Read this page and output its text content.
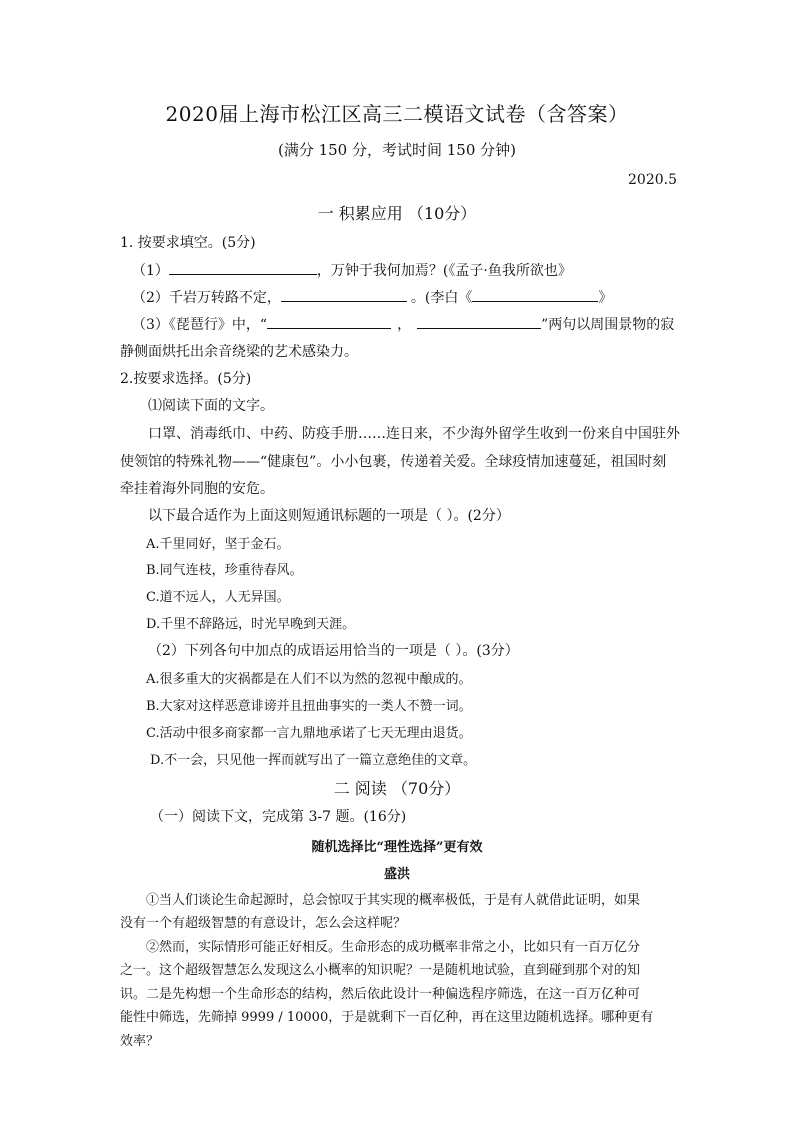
2020届上海市松江区高三二模语文试卷（含答案）
(满分 150 分，考试时间 150 分钟)
2020.5
一 积累应用 （10分）
1. 按要求填空。(5分)
（1）	，万钟于我何加焉？(《孟子·鱼我所欲也》
（2）千岩万转路不定，	。(李白《	》
（3）《琵琶行》中，“	，	”两句以周围景物的寂
静侧面烘托出余音绕梁的艺术感染力。
2.按要求选择。(5分)
⑴阅读下面的文字。
口罩、消毒纸巾、中药、防疫手册……连日来，不少海外留学生收到一份来自中国驻外
使领馆的特殊礼物——“健康包”。小小包裹，传递着关爱。全球疫情加速蔓延，祖国时刻
牵挂着海外同胞的安危。
以下最合适作为上面这则短通讯标题的一项是（ ）。(2分）
A.千里同好，坚于金石。
B.同气连枝，珍重待春风。
C.道不远人，人无异国。
D.千里不辞路远，时光早晚到天涯。
（2）下列各句中加点的成语运用恰当的一项是（ ）。(3分）
A.很多重大的灾祸都是在人们不以为然的忽视中酿成的。
B.大家对这样恶意诽谤并且扭曲事实的一类人不赞一词。
C.活动中很多商家都一言九鼎地承诺了七天无理由退货。
D.不一会，只见他一挥而就写出了一篇立意绝佳的文章。
二 阅读 （70分）
（一）阅读下文，完成第 3-7 题。(16分)
随机选择比“理性选择”更有效
盛洪
①当人们谈论生命起源时，总会惊叹于其实现的概率极低，于是有人就借此证明，如果
没有一个有超级智慧的有意设计，怎么会这样呢？
②然而，实际情形可能正好相反。生命形态的成功概率非常之小，比如只有一百万亿分
之一。这个超级智慧怎么发现这么小概率的知识呢？一是随机地试验，直到碰到那个对的知
识。二是先构想一个生命形态的结构，然后依此设计一种偏选程序筛选，在这一百万亿种可
能性中筛选，先筛掉 9999 / 10000，于是就剩下一百亿种，再在这里边随机选择。哪种更有
效率？
